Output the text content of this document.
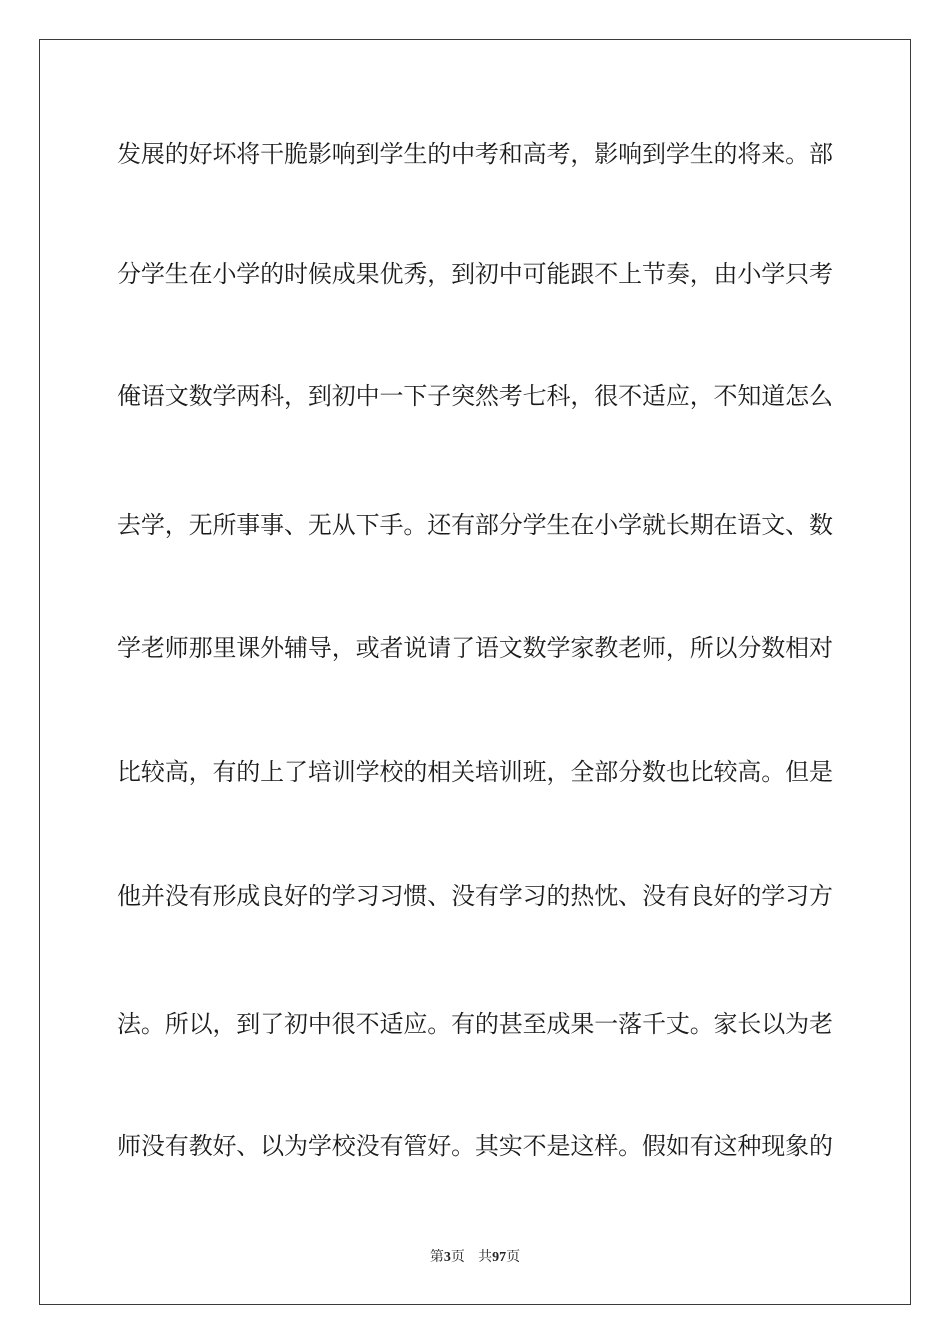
发 展 的 好 坏 将 干 脆 影 响 到 学 生 的 中 考 和 高 考 ， 影 响 到 学 生 的 将 来 。 部
分 学 生 在 小 学 的 时 候 成 果 优 秀 ， 到 初 中 可 能 跟 不 上 节 奏 ， 由 小 学 只 考
俺 语 文 数 学 两 科 ， 到 初 中 一 下 子 突 然 考 七 科 ， 很 不 适 应 ， 不 知 道 怎 么
去 学 ， 无 所 事 事 、 无 从 下 手 。 还 有 部 分 学 生 在 小 学 就 长 期 在 语 文 、 数
学 老 师 那 里 课 外 辅 导 ， 或 者 说 请 了 语 文 数 学 家 教 老 师 ， 所 以 分 数 相 对
比 较 高 ， 有 的 上 了 培 训 学 校 的 相 关 培 训 班 ， 全 部 分 数 也 比 较 高 。 但 是
他 并 没 有 形 成 良 好 的 学 习 习 惯 、 没 有 学 习 的 热 忱 、 没 有 良 好 的 学 习 方
法 。 所 以 ， 到 了 初 中 很 不 适 应 。 有 的 甚 至 成 果 一 落 千 丈 。 家 长 以 为 老
师 没 有 教 好 、 以 为 学 校 没 有 管 好 。 其 实 不 是 这 样 。 假 如 有 这 种 现 象 的
第3页 共97页
